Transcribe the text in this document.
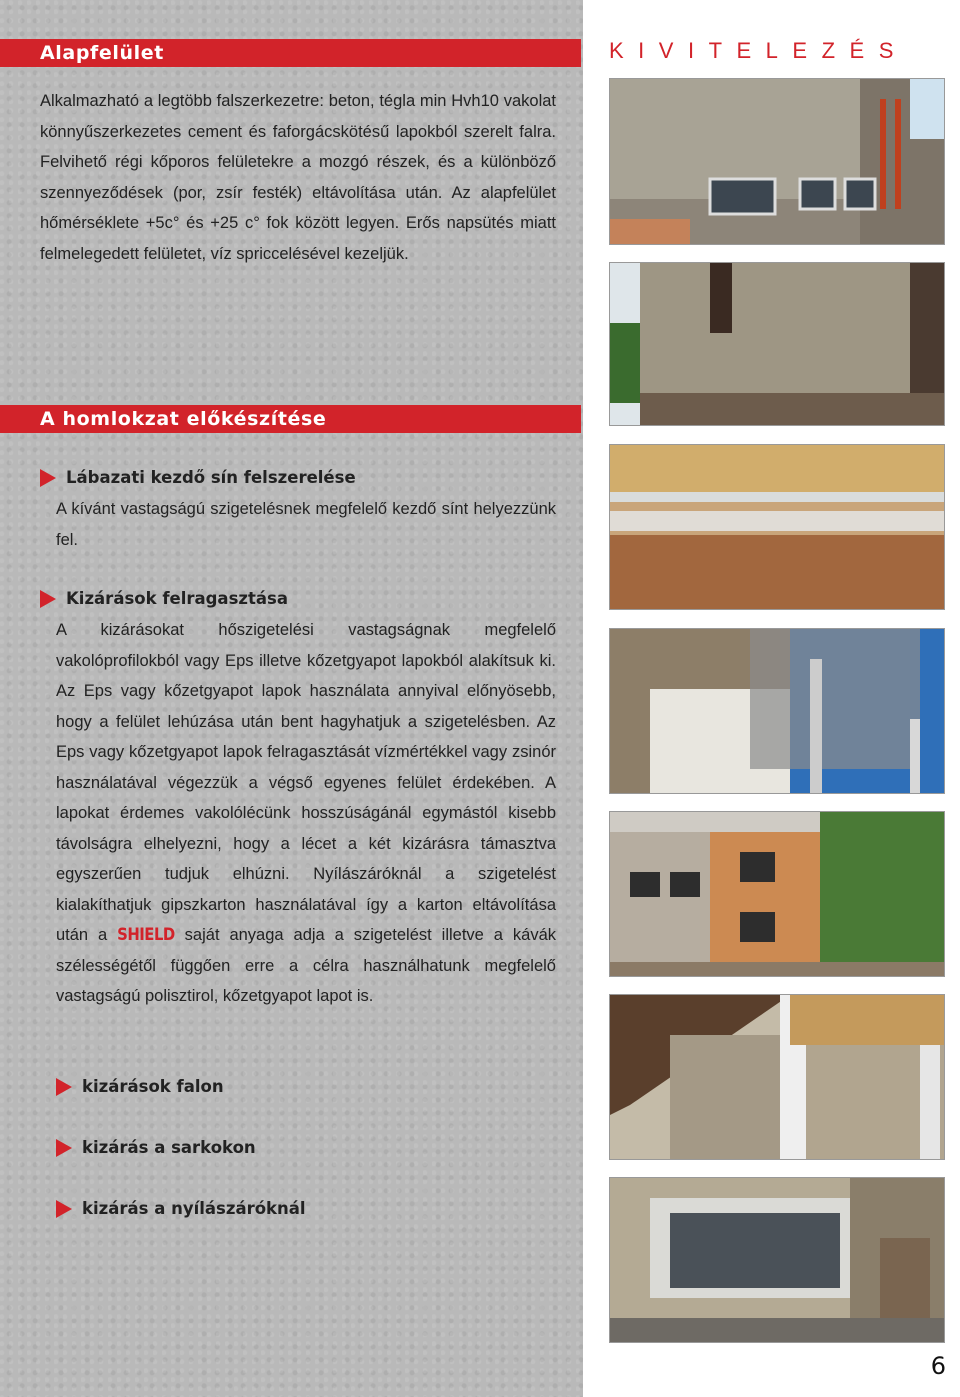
Alapfelület

Alkalmazható a legtöbb falszerkezetre: beton, tégla min Hvh10 vakolat könnyűszerkezetes cement és faforgácskötésű lapokból szerelt falra. Felvihető régi kőporos felületekre a mozgó részek, és a különböző szennyeződések (por, zsír festék) eltávolítása után. Az alapfelület hőmérséklete +5c° és +25 c° fok között legyen. Erős napsütés miatt felmelegedett felületet, víz spriccelésével kezeljük.

A homlokzat előkészítése
Lábazati kezdő sín felszerelése

A kívánt vastagságú szigetelésnek megfelelő kezdő sínt helyezzünk fel.

Kizárások felragasztása

A kizárásokat hőszigetelési vastagságnak megfelelő vakolóprofilokból vagy Eps illetve kőzetgyapot lapokból alakítsuk ki. Az Eps vagy kőzetgyapot lapok használata annyival előnyösebb, hogy a felület lehúzása után bent hagyhatjuk a szigetelésben. Az Eps vagy kőzetgyapot lapok felragasztását vízmértékkel vagy zsinór használatával végezzük a végső egyenes felület érdekében. A lapokat érdemes vakolólécünk hosszúságánál egymástól kisebb távolságra elhelyezni, hogy a lécet a két kizárásra támasztva egyszerűen tudjuk elhúzni. Nyílászáróknál a szigetelést kialakíthatjuk gipszkarton használatával így a karton eltávolítása után a SHIELD saját anyaga adja a szigetelést illetve a kávák szélességétől függően erre a célra használhatunk megfelelő vastagságú polisztirol, kőzetgyapot lapot is.

kizárások falon
kizárás a sarkokon
kizárás a nyílászáróknál
KIVITELEZÉS
6
